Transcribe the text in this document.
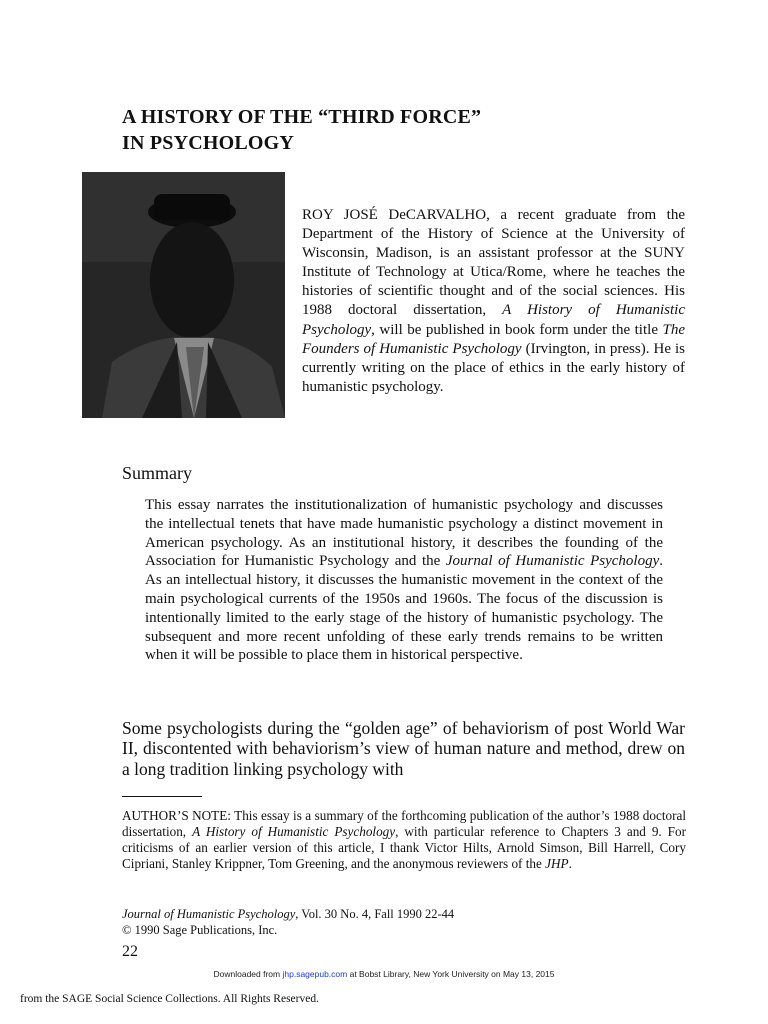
A HISTORY OF THE “THIRD FORCE”
IN PSYCHOLOGY
ROY JOSÉ DeCARVALHO, a recent graduate from the Department of the History of Science at the University of Wisconsin, Madison, is an assistant professor at the SUNY Institute of Technology at Utica/Rome, where he teaches the histories of scientific thought and of the social sciences. His 1988 doctoral dissertation, A History of Humanistic Psychology, will be published in book form under the title The Founders of Humanistic Psychology (Irvington, in press). He is currently writing on the place of ethics in the early history of humanistic psychology.
Summary
This essay narrates the institutionalization of humanistic psychology and discusses the intellectual tenets that have made humanistic psychology a distinct movement in American psychology. As an institutional history, it describes the founding of the Association for Humanistic Psychology and the Journal of Humanistic Psychology. As an intellectual history, it discusses the humanistic movement in the context of the main psychological currents of the 1950s and 1960s. The focus of the discussion is intentionally limited to the early stage of the history of humanistic psychology. The subsequent and more recent unfolding of these early trends remains to be written when it will be possible to place them in historical perspective.
Some psychologists during the “golden age” of behaviorism of post World War II, discontented with behaviorism’s view of human nature and method, drew on a long tradition linking psychology with
AUTHOR’S NOTE: This essay is a summary of the forthcoming publication of the author’s 1988 doctoral dissertation, A History of Humanistic Psychology, with particular reference to Chapters 3 and 9. For criticisms of an earlier version of this article, I thank Victor Hilts, Arnold Simson, Bill Harrell, Cory Cipriani, Stanley Krippner, Tom Greening, and the anonymous reviewers of the JHP.
Journal of Humanistic Psychology, Vol. 30 No. 4, Fall 1990 22-44
© 1990 Sage Publications, Inc.
22
Downloaded from jhp.sagepub.com at Bobst Library, New York University on May 13, 2015
from the SAGE Social Science Collections. All Rights Reserved.
